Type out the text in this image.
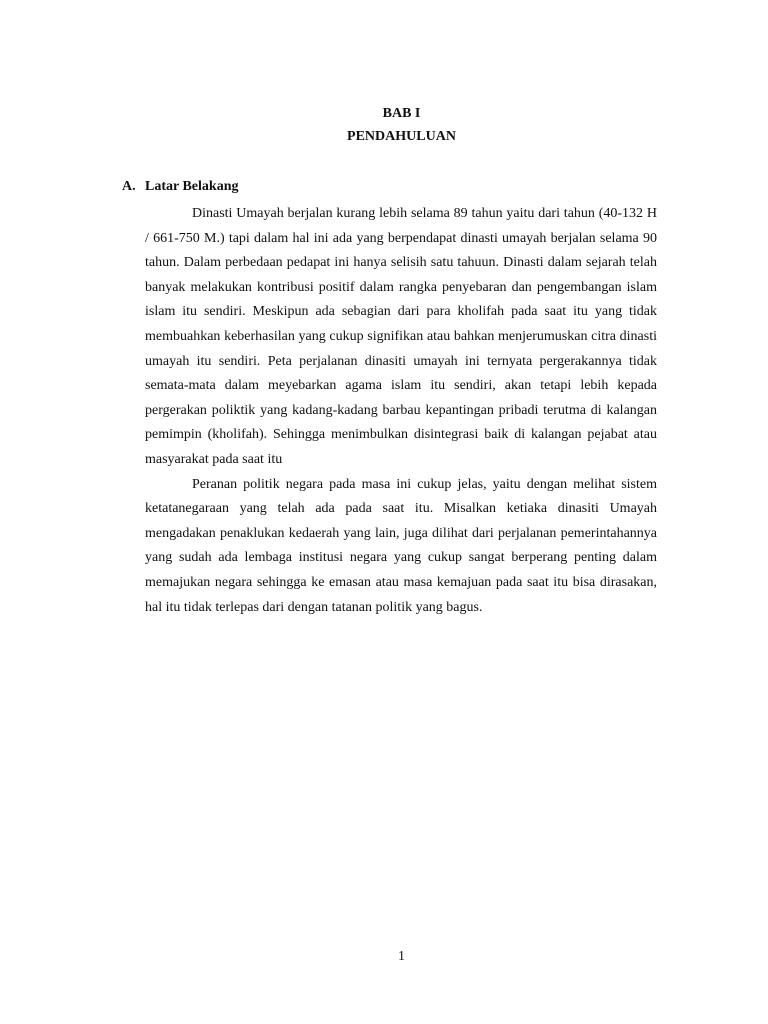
BAB I
PENDAHULUAN
A. Latar Belakang

Dinasti Umayah berjalan kurang lebih selama 89 tahun yaitu dari tahun (40-132 H / 661-750 M.) tapi dalam hal ini ada yang berpendapat dinasti umayah berjalan selama 90 tahun. Dalam perbedaan pedapat ini hanya selisih satu tahuun. Dinasti dalam sejarah telah banyak melakukan kontribusi positif dalam rangka penyebaran dan pengembangan islam islam itu sendiri. Meskipun ada sebagian dari para kholifah pada saat itu yang tidak membuahkan keberhasilan yang cukup signifikan atau bahkan menjerumuskan citra dinasti umayah itu sendiri. Peta perjalanan dinasiti umayah ini ternyata pergerakannya tidak semata-mata dalam meyebarkan agama islam itu sendiri, akan tetapi lebih kepada pergerakan poliktik yang kadang-kadang barbau kepantingan pribadi terutma di kalangan pemimpin (kholifah). Sehingga menimbulkan disintegrasi baik di kalangan pejabat atau masyarakat pada saat itu

Peranan politik negara pada masa ini cukup jelas, yaitu dengan melihat sistem ketatanegaraan yang telah ada pada saat itu. Misalkan ketiaka dinasiti Umayah mengadakan penaklukan kedaerah yang lain, juga dilihat dari perjalanan pemerintahannya yang sudah ada lembaga institusi negara yang cukup sangat berperang penting dalam memajukan negara sehingga ke emasan atau masa kemajuan pada saat itu bisa dirasakan, hal itu tidak terlepas dari dengan tatanan politik yang bagus.

1
